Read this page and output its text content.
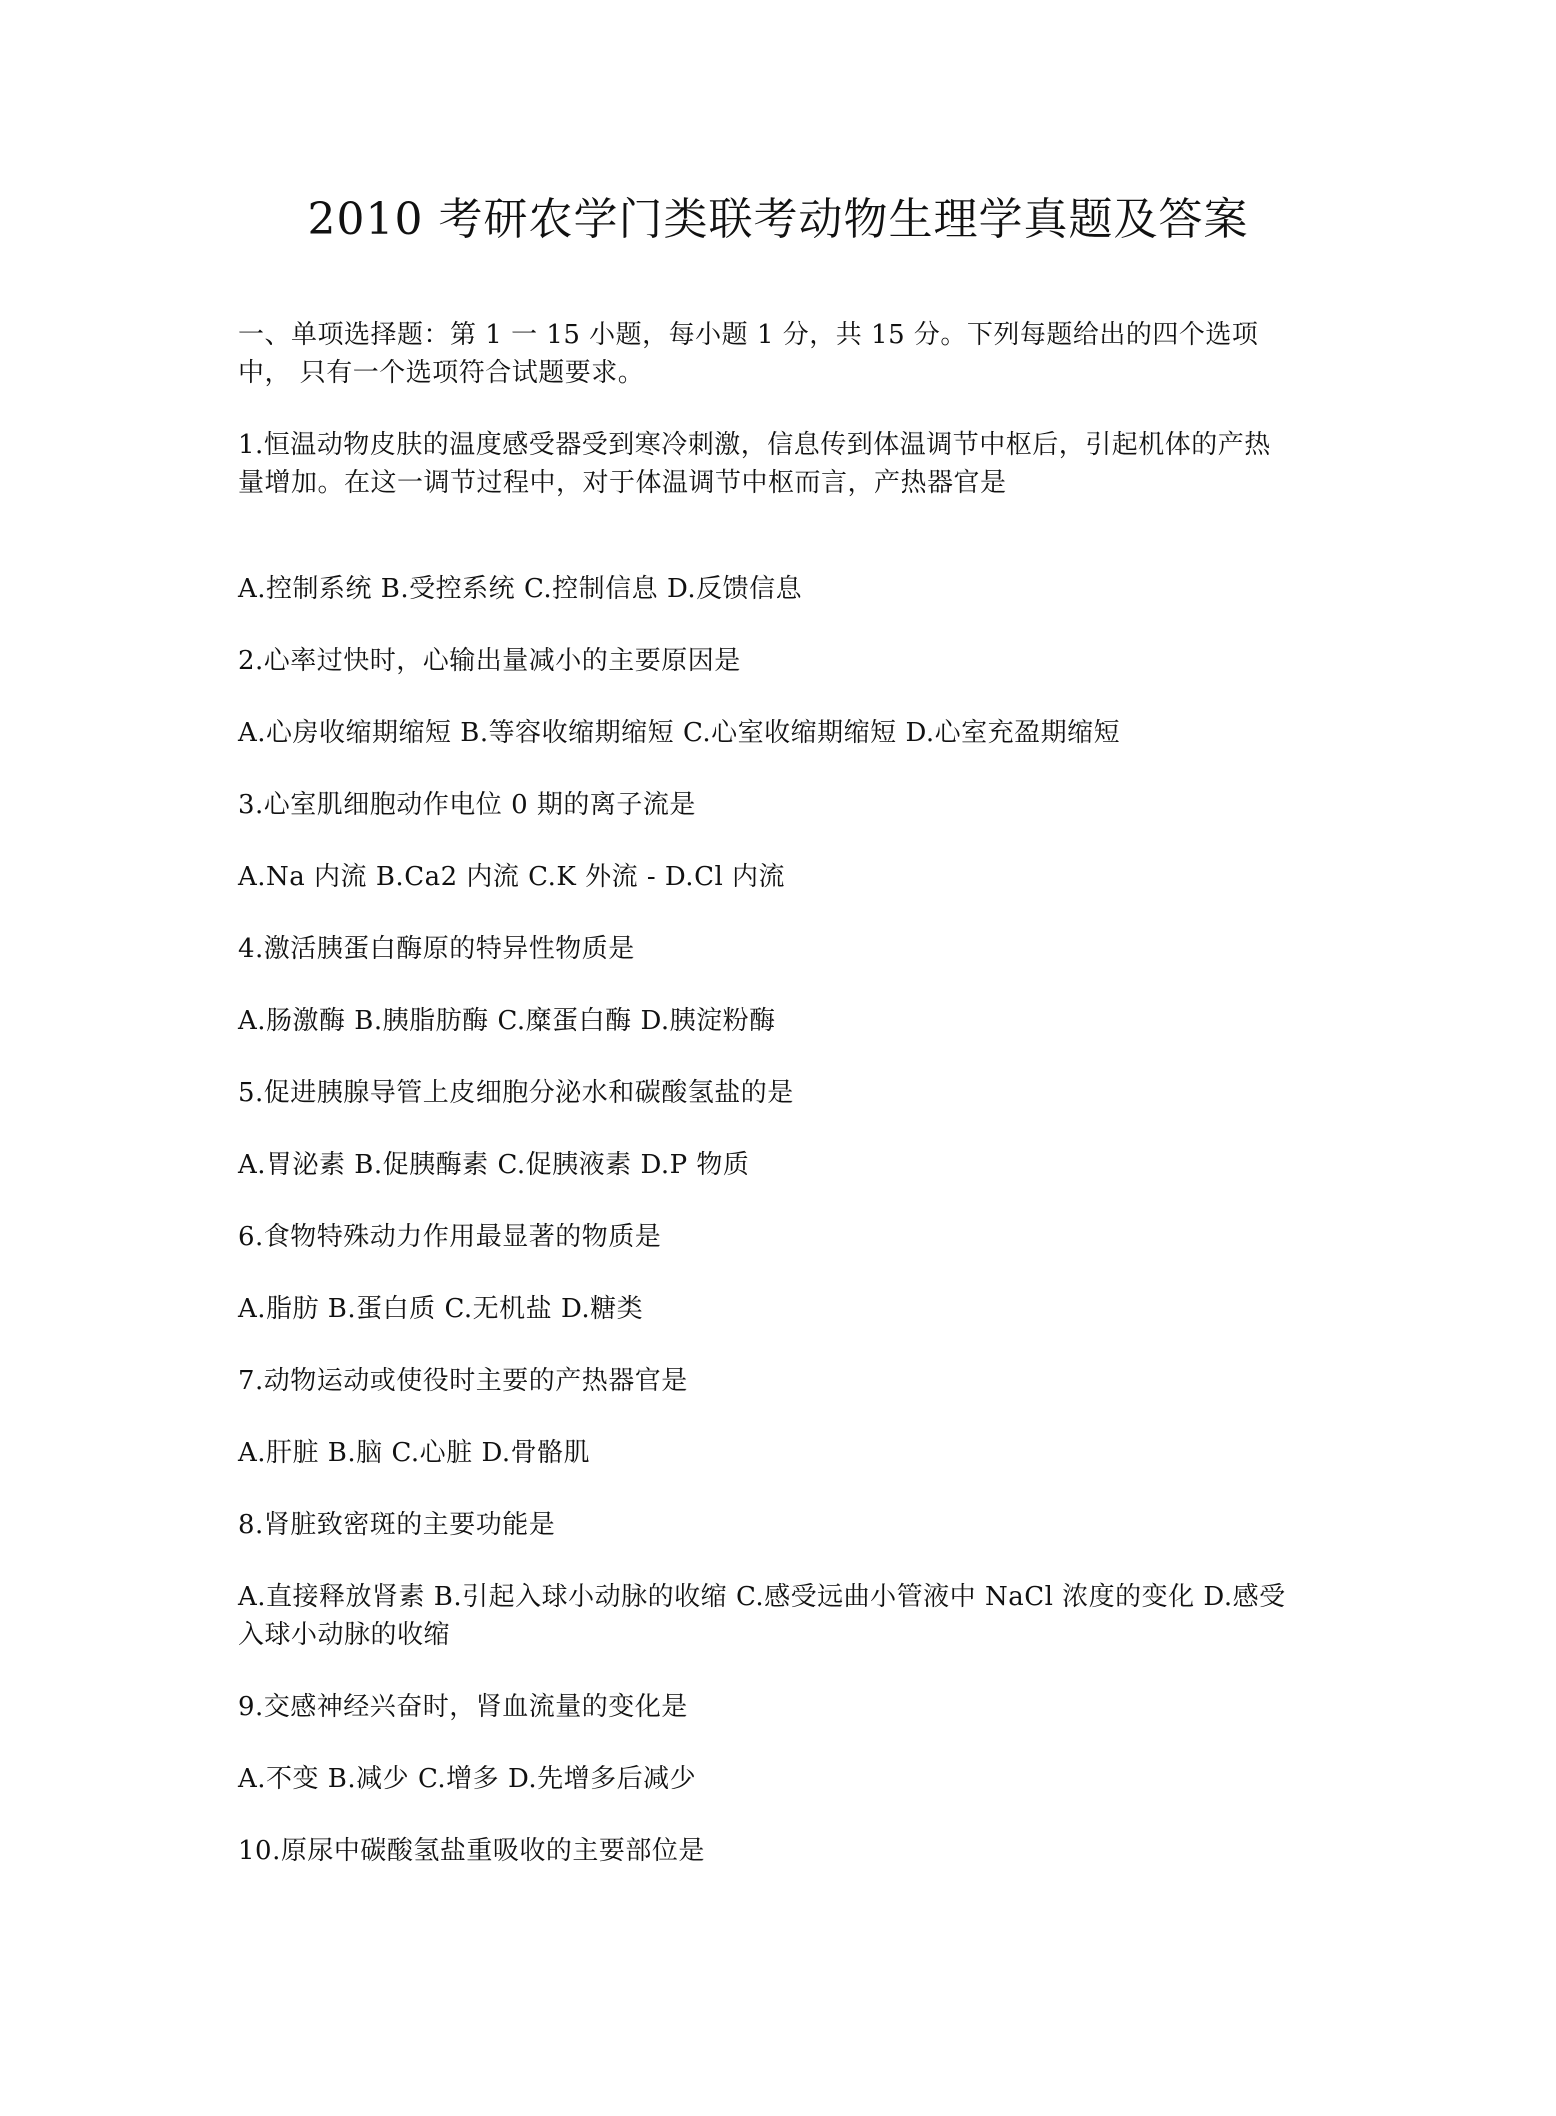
2010 考研农学门类联考动物生理学真题及答案

一、单项选择题：第 1 一 15 小题，每小题 1 分，共 15 分。下列每题给出的四个选项中， 只有一个选项符合试题要求。

1.恒温动物皮肤的温度感受器受到寒冷刺激，信息传到体温调节中枢后，引起机体的产热 量增加。在这一调节过程中，对于体温调节中枢而言，产热器官是

A.控制系统 B.受控系统 C.控制信息 D.反馈信息

2.心率过快时，心输出量减小的主要原因是

A.心房收缩期缩短 B.等容收缩期缩短 C.心室收缩期缩短 D.心室充盈期缩短

3.心室肌细胞动作电位 0 期的离子流是

A.Na 内流 B.Ca2 内流 C.K 外流 - D.Cl 内流

4.激活胰蛋白酶原的特异性物质是

A.肠激酶 B.胰脂肪酶 C.糜蛋白酶 D.胰淀粉酶

5.促进胰腺导管上皮细胞分泌水和碳酸氢盐的是

A.胃泌素 B.促胰酶素 C.促胰液素 D.P 物质

6.食物特殊动力作用最显著的物质是

A.脂肪 B.蛋白质 C.无机盐 D.糖类

7.动物运动或使役时主要的产热器官是

A.肝脏 B.脑 C.心脏 D.骨骼肌

8.肾脏致密斑的主要功能是

A.直接释放肾素 B.引起入球小动脉的收缩 C.感受远曲小管液中 NaCl 浓度的变化 D.感受入球小动脉的收缩

9.交感神经兴奋时，肾血流量的变化是

A.不变 B.减少 C.增多 D.先增多后减少

10.原尿中碳酸氢盐重吸收的主要部位是
